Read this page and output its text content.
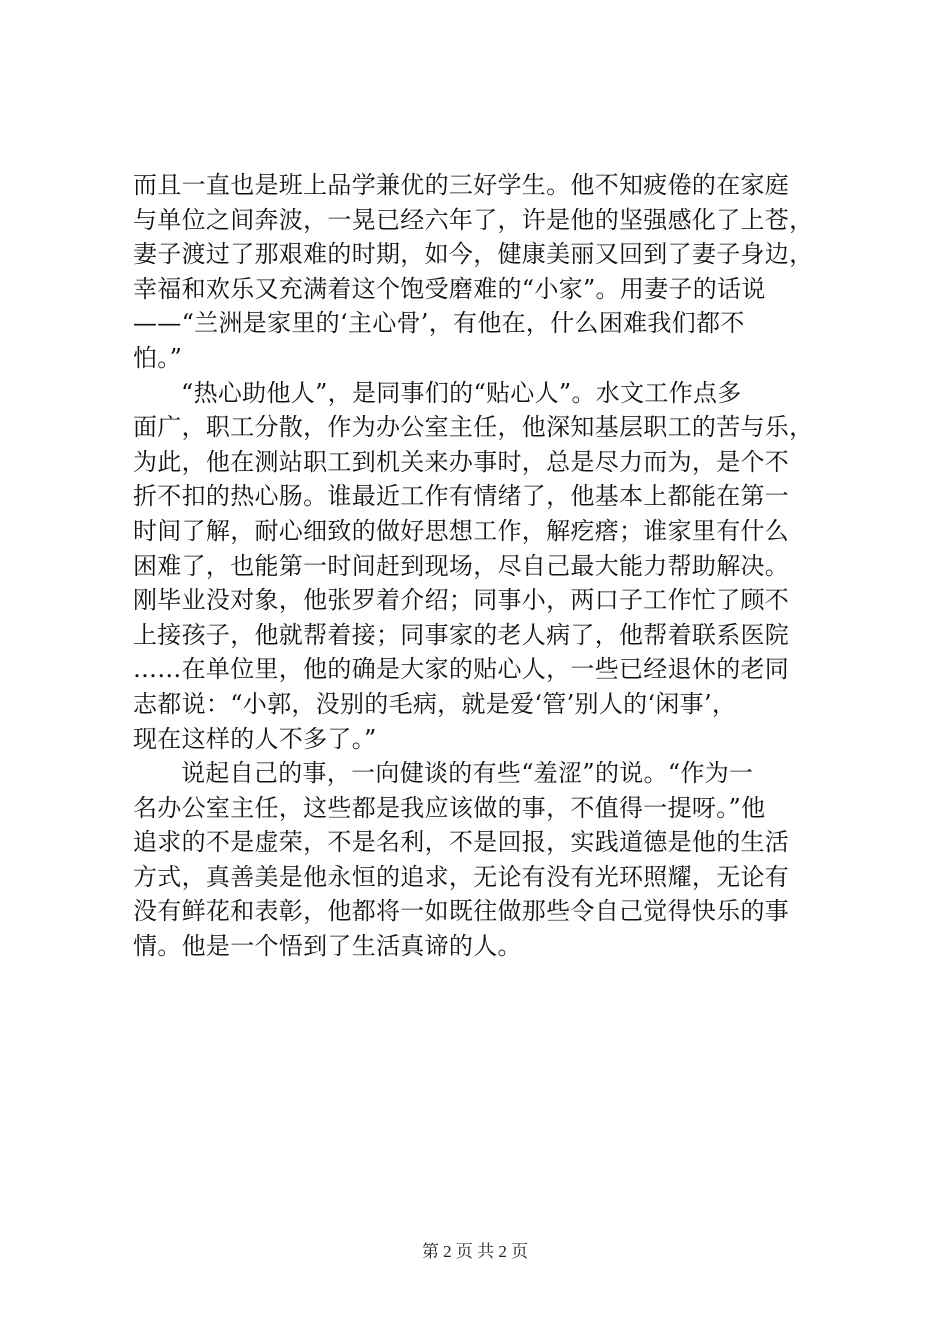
而且一直也是班上品学兼优的三好学生。他不知疲倦的在家庭
与单位之间奔波，一晃已经六年了，许是他的坚强感化了上苍，
妻子渡过了那艰难的时期，如今，健康美丽又回到了妻子身边，
幸福和欢乐又充满着这个饱受磨难的“小家”。用妻子的话说
——“兰洲是家里的‘主心骨’，有他在，什么困难我们都不
怕。”
“热心助他人”，是同事们的“贴心人”。水文工作点多
面广，职工分散，作为办公室主任，他深知基层职工的苦与乐，
为此，他在测站职工到机关来办事时，总是尽力而为，是个不
折不扣的热心肠。谁最近工作有情绪了，他基本上都能在第一
时间了解，耐心细致的做好思想工作，解疙瘩；谁家里有什么
困难了，也能第一时间赶到现场，尽自己最大能力帮助解决。
刚毕业没对象，他张罗着介绍；同事小，两口子工作忙了顾不
上接孩子，他就帮着接；同事家的老人病了，他帮着联系医院
……在单位里，他的确是大家的贴心人，一些已经退休的老同
志都说：“小郭，没别的毛病，就是爱‘管’别人的‘闲事’，
现在这样的人不多了。”
说起自己的事，一向健谈的有些“羞涩”的说。“作为一
名办公室主任，这些都是我应该做的事，不值得一提呀。”他
追求的不是虚荣，不是名利，不是回报，实践道德是他的生活
方式，真善美是他永恒的追求，无论有没有光环照耀，无论有
没有鲜花和表彰，他都将一如既往做那些令自己觉得快乐的事
情。他是一个悟到了生活真谛的人。
第 2 页 共 2 页
